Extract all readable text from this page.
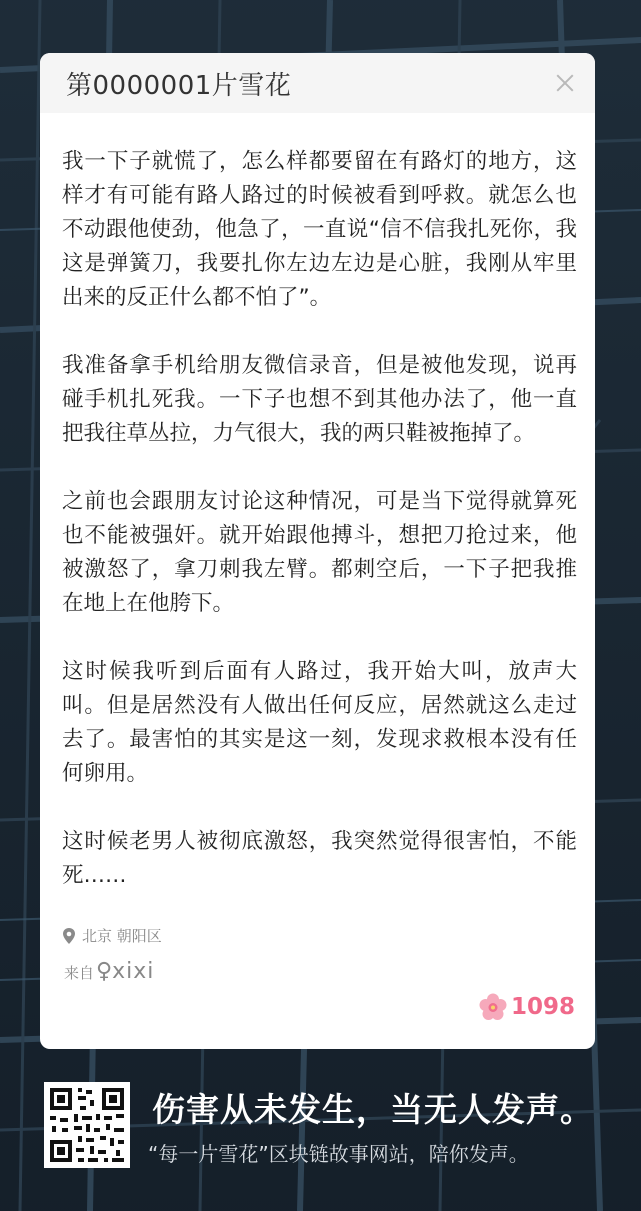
第0000001片雪花

我一下子就慌了，怎么样都要留在有路灯的地方，这样才有可能有路人路过的时候被看到呼救。就怎么也不动跟他使劲，他急了，一直说“信不信我扎死你，我这是弹簧刀，我要扎你左边左边是心脏，我刚从牢里出来的反正什么都不怕了”。

我准备拿手机给朋友微信录音，但是被他发现，说再碰手机扎死我。一下子也想不到其他办法了，他一直把我往草丛拉，力气很大，我的两只鞋被拖掉了。

之前也会跟朋友讨论这种情况，可是当下觉得就算死也不能被强奸。就开始跟他搏斗，想把刀抢过来，他被激怒了，拿刀刺我左臂。都刺空后，一下子把我推在地上在他胯下。

这时候我听到后面有人路过，我开始大叫，放声大叫。但是居然没有人做出任何反应，居然就这么走过去了。最害怕的其实是这一刻，发现求救根本没有任何卵用。

这时候老男人被彻底激怒，我突然觉得很害怕，不能死……

北京 朝阳区
来自 ♀ xixi
1098
伤害从未发生，当无人发声。
“每一片雪花”区块链故事网站，陪你发声。
